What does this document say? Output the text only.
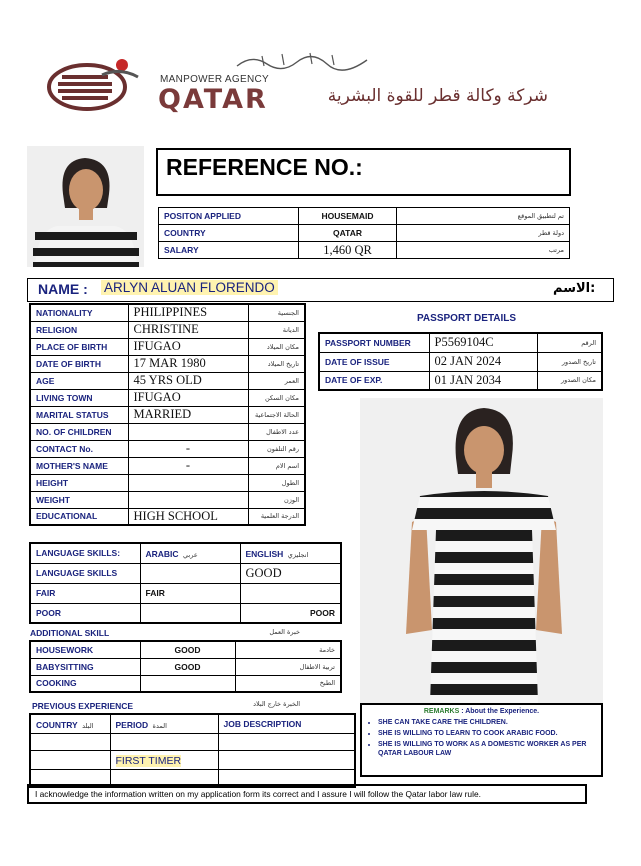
MANPOWER AGENCY
QATAR	شركة وكالة قطر للقوة البشرية
REFERENCE NO.:
POSITON APPLIED	HOUSEMAID	تم لتطبيق الموقع
COUNTRY	QATAR	دولة قطر
SALARY	1,460 QR	مرتب
NAME : ARLYN ALUAN FLORENDO	الاسم:
NATIONALITY	PHILIPPINES	الجنسية
RELIGION	CHRISTINE	الديانة
PLACE OF BIRTH	IFUGAO	مكان الميلاد
DATE OF BIRTH	17 MAR 1980	تاريخ الميلاد
AGE	45 YRS OLD	العمر
LIVING TOWN	IFUGAO	مكان السكن
MARITAL STATUS	MARRIED	الحالة الاجتماعية
NO. OF CHILDREN		عدد الاطفال
CONTACT No.	-	رقم التلفون
MOTHER'S NAME	-	اسم الام
HEIGHT		الطول
WEIGHT		الوزن
EDUCATIONAL	HIGH SCHOOL	الدرجة العلمية
PASSPORT DETAILS
PASSPORT NUMBER	P5569104C	الرقم
DATE OF ISSUE	02 JAN 2024	تاريخ الصدور
DATE OF EXP.	01 JAN 2034	مكان الصدور
LANGUAGE SKILLS:	ARABIC عربي	ENGLISH انجليزي
LANGUAGE SKILLS		GOOD
FAIR	FAIR	
POOR		POOR
ADDITIONAL SKILL	خبرة العمل
HOUSEWORK	GOOD	خادمة
BABYSITTING	GOOD	تربية الاطفال
COOKING		الطبخ
PREVIOUS EXPERIENCE	الخبرة خارج البلاد
COUNTRY البلد	PERIOD المدة	JOB DESCRIPTION

	FIRST TIMER	

REMARKS : About the Experience.
• SHE CAN TAKE CARE THE CHILDREN.
• SHE IS WILLING TO LEARN TO COOK ARABIC FOOD.
• SHE IS WILLING TO WORK AS A DOMESTIC WORKER AS PER QATAR LABOUR LAW
I acknowledge the information written on my application form its correct and I assure I will follow the Qatar labor law rule.
